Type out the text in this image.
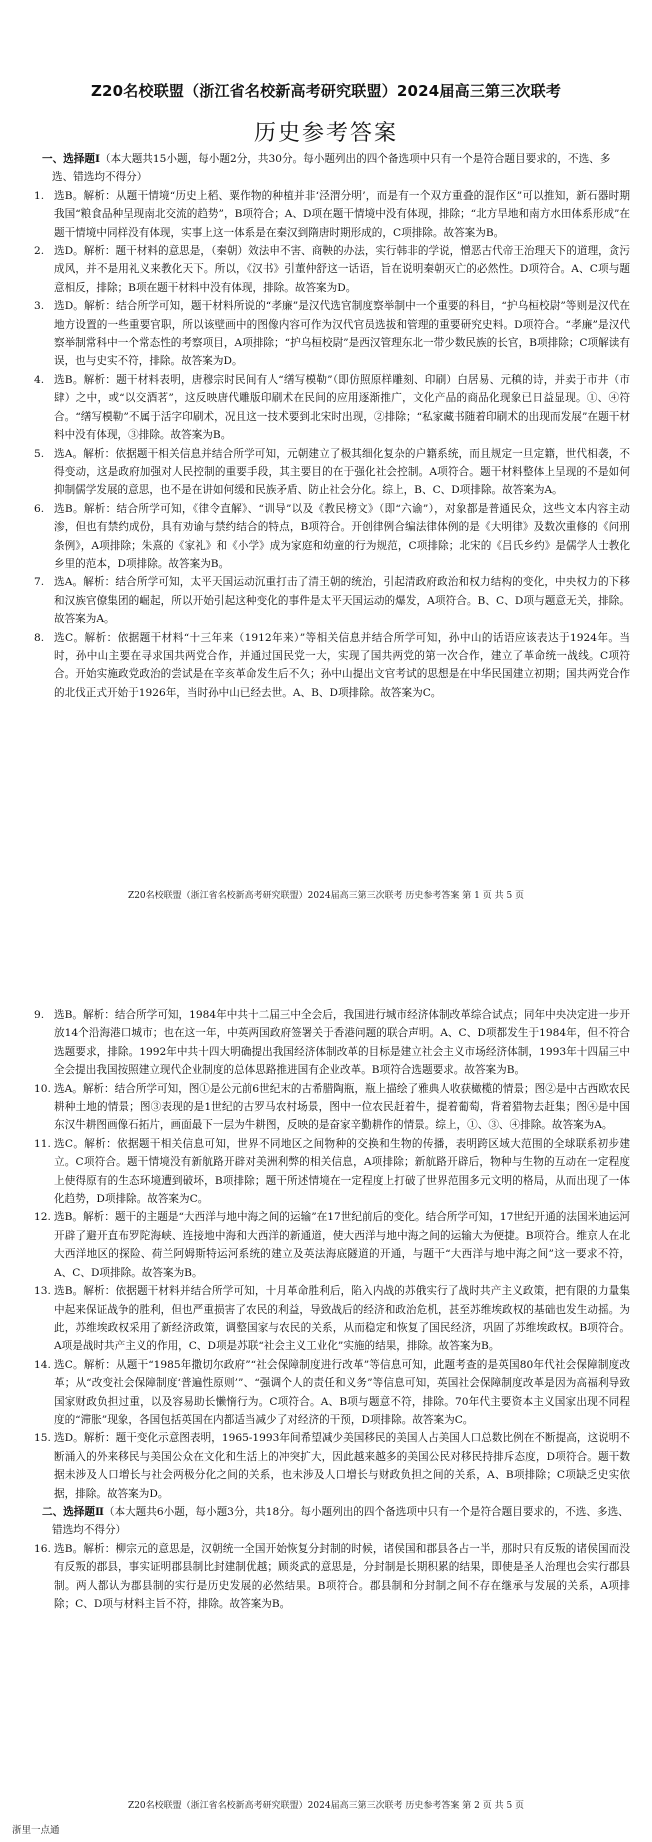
Z20名校联盟（浙江省名校新高考研究联盟）2024届高三第三次联考
历史参考答案
一、选择题Ⅰ（本大题共15小题，每小题2分，共30分。每小题列出的四个备选项中只有一个是符合题目要求的，不选、多选、错选均不得分）
1. 选B。解析：从题干情境“历史上稻、粟作物的种植并非‘泾渭分明’，而是有一个双方重叠的混作区”可以推知，新石器时期我国“粮食品种呈现南北交流的趋势”，B项符合；A、D项在题干情境中没有体现，排除；“北方旱地和南方水田体系形成”在题干情境中同样没有体现，实事上这一体系是在秦汉到隋唐时期形成的，C项排除。故答案为B。
2. 选D。解析：题干材料的意思是，（秦朝）效法申不害、商鞅的办法，实行韩非的学说，憎恶古代帝王治理天下的道理，贪污成风，并不是用礼义来教化天下。所以，《汉书》引董仲舒这一话语，旨在说明秦朝灭亡的必然性。D项符合。A、C项与题意相反，排除；B项在题干材料中没有体现，排除。故答案为D。
3. 选D。解析：结合所学可知，题干材料所说的“孝廉”是汉代选官制度察举制中一个重要的科目，“护乌桓校尉”等则是汉代在地方设置的一些重要官职，所以该壁画中的图像内容可作为汉代官员选拔和管理的重要研究史料。D项符合。“孝廉”是汉代察举制常科中一个常态性的考察项目，A项排除；“护乌桓校尉”是西汉管理东北一带少数民族的长官，B项排除；C项解读有误，也与史实不符，排除。故答案为D。
4. 选B。解析：题干材料表明，唐穆宗时民间有人“缮写模勒”（即仿照原样雕刻、印刷）白居易、元稹的诗，并卖于市井（市肆）之中，或“以交酒茗”，这反映唐代雕版印刷术在民间的应用逐渐推广，文化产品的商品化现象已日益显现。①、④符合。“缮写模勒”不属于活字印刷术，况且这一技术要到北宋时出现，②排除；“私家藏书随着印刷术的出现而发展”在题干材料中没有体现，③排除。故答案为B。
5. 选A。解析：依据题干相关信息并结合所学可知，元朝建立了极其细化复杂的户籍系统，而且规定一旦定籍，世代相袭，不得变动，这是政府加强对人民控制的重要手段，其主要目的在于强化社会控制。A项符合。题干材料整体上呈现的不是如何抑制儒学发展的意思，也不是在讲如何缓和民族矛盾、防止社会分化。综上，B、C、D项排除。故答案为A。
6. 选B。解析：结合所学可知，《律令直解》、“训导”以及《教民榜文》（即“六谕”），对象都是普通民众，这些文本内容主动渗，但也有禁约成份，具有劝谕与禁约结合的特点，B项符合。开创律例合编法律体例的是《大明律》及数次重修的《问刑条例》，A项排除；朱熹的《家礼》和《小学》成为家庭和幼童的行为规范，C项排除；北宋的《吕氏乡约》是儒学人士教化乡里的范本，D项排除。故答案为B。
7. 选A。解析：结合所学可知，太平天国运动沉重打击了清王朝的统治，引起清政府政治和权力结构的变化，中央权力的下移和汉族官僚集团的崛起，所以开始引起这种变化的事件是太平天国运动的爆发，A项符合。B、C、D项与题意无关，排除。故答案为A。
8. 选C。解析：依据题干材料“十三年来（1912年来）”等相关信息并结合所学可知，孙中山的话语应该表达于1924年。当时，孙中山主要在寻求国共两党合作，并通过国民党一大，实现了国共两党的第一次合作，建立了革命统一战线。C项符合。开始实施政党政治的尝试是在辛亥革命发生后不久；孙中山提出文官考试的思想是在中华民国建立初期；国共两党合作的北伐正式开始于1926年，当时孙中山已经去世。A、B、D项排除。故答案为C。
Z20名校联盟（浙江省名校新高考研究联盟）2024届高三第三次联考 历史参考答案 第 1 页 共 5 页
9. 选B。解析：结合所学可知，1984年中共十二届三中全会后，我国进行城市经济体制改革综合试点；同年中央决定进一步开放14个沿海港口城市；也在这一年，中英两国政府签署关于香港问题的联合声明。A、C、D项都发生于1984年，但不符合选题要求，排除。1992年中共十四大明确提出我国经济体制改革的目标是建立社会主义市场经济体制，1993年十四届三中全会提出我国按照建立现代企业制度的总体思路推进国有企业改革。B项符合选题要求。故答案为B。
10. 选A。解析：结合所学可知，图①是公元前6世纪末的古希腊陶瓶，瓶上描绘了雅典人收获橄榄的情景；图②是中古西欧农民耕种土地的情景；图③表现的是1世纪的古罗马农村场景，图中一位农民赶着牛，提着葡萄，背着猎物去赶集；图④是中国东汉牛耕图画像石拓片，画面最下一层为牛耕图，反映的是奋家辛勤耕作的情景。综上，①、③、④排除。故答案为A。
11. 选C。解析：依据题干相关信息可知，世界不同地区之间物种的交换和生物的传播，表明跨区域大范围的全球联系初步建立。C项符合。题干情境没有新航路开辟对美洲利弊的相关信息，A项排除；新航路开辟后，物种与生物的互动在一定程度上使得原有的生态环境遭到破坏，B项排除；题干所述情境在一定程度上打破了世界范围多元文明的格局，从而出现了一体化趋势，D项排除。故答案为C。
12. 选B。解析：题干的主题是“大西洋与地中海之间的运输”在17世纪前后的变化。结合所学可知，17世纪开通的法国米迪运河开辟了避开直布罗陀海峡、连接地中海和大西洋的新通道，使大西洋与地中海之间的运输大为便捷。B项符合。维京人在北大西洋地区的探险、荷兰阿姆斯特运河系统的建立及英法海底隧道的开通，与题干“大西洋与地中海之间”这一要求不符，A、C、D项排除。故答案为B。
13. 选B。解析：依据题干材料并结合所学可知，十月革命胜利后，陷入内战的苏俄实行了战时共产主义政策，把有限的力量集中起来保证战争的胜利，但也严重损害了农民的利益，导致战后的经济和政治危机，甚至苏维埃政权的基础也发生动摇。为此，苏维埃政权采用了新经济政策，调整国家与农民的关系，从而稳定和恢复了国民经济，巩固了苏维埃政权。B项符合。A项是战时共产主义的作用，C、D项是苏联“社会主义工业化”实施的结果，排除。故答案为B。
14. 选C。解析：从题干“1985年撒切尔政府”“社会保障制度进行改革”等信息可知，此题考查的是英国80年代社会保障制度改革；从“改变社会保障制度‘普遍性原则’”、“强调个人的责任和义务”等信息可知，英国社会保障制度改革是因为高福利导致国家财政负担过重，以及容易助长懒惰行为。C项符合。A、B项与题意不符，排除。70年代主要资本主义国家出现不同程度的“滞胀”现象，各国包括英国在内都适当减少了对经济的干预，D项排除。故答案为C。
15. 选D。解析：题干变化示意图表明，1965-1993年间希望减少美国移民的美国人占美国人口总数比例在不断提高，这说明不断涌入的外来移民与美国公众在文化和生活上的冲突扩大，因此越来越多的美国公民对移民持排斥态度，D项符合。题干数据未涉及人口增长与社会两极分化之间的关系，也未涉及人口增长与财政负担之间的关系，A、B项排除；C项缺乏史实依据，排除。故答案为D。
二、选择题Ⅱ（本大题共6小题，每小题3分，共18分。每小题列出的四个备选项中只有一个是符合题目要求的，不选、多选、错选均不得分）
16. 选B。解析：柳宗元的意思是，汉朝统一全国开始恢复分封制的时候，诸侯国和郡县各占一半，那时只有反叛的诸侯国而没有反叛的郡县，事实证明郡县制比封建制优越；顾炎武的意思是，分封制是长期积累的结果，即使是圣人治理也会实行郡县制。两人都认为郡县制的实行是历史发展的必然结果。B项符合。郡县制和分封制之间不存在继承与发展的关系，A项排除；C、D项与材料主旨不符，排除。故答案为B。
Z20名校联盟（浙江省名校新高考研究联盟）2024届高三第三次联考 历史参考答案 第 2 页 共 5 页
浙里一点通
